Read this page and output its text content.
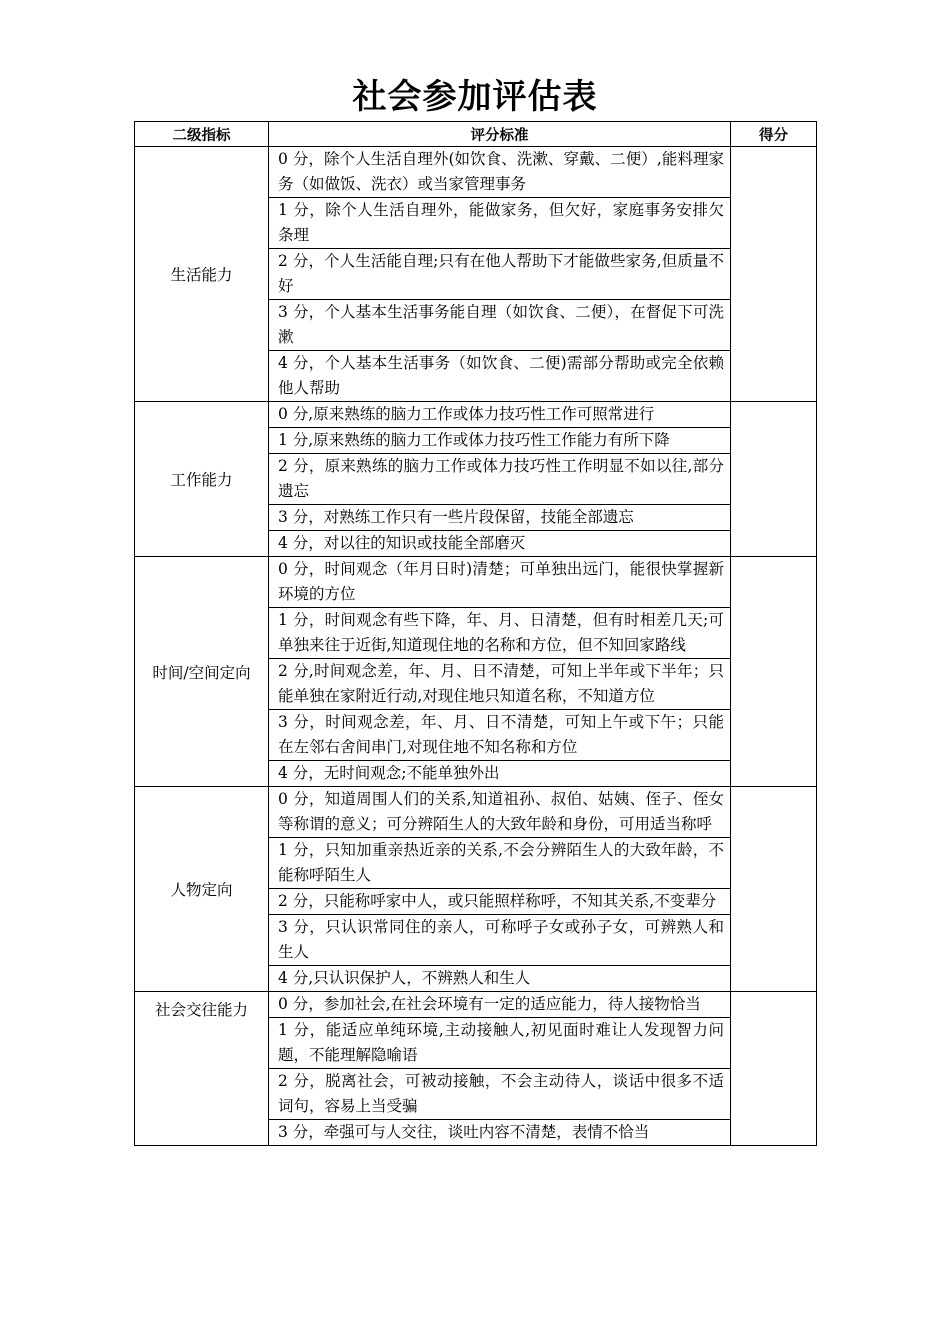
社会参加评估表
二级指标	评分标准	得分
生活能力	0 分，除个人生活自理外(如饮食、洗漱、穿戴、二便）,能料理家务（如做饭、洗衣）或当家管理事务	
	1 分，除个人生活自理外，能做家务，但欠好，家庭事务安排欠条理	
	2 分，个人生活能自理;只有在他人帮助下才能做些家务,但质量不好	
	3 分，个人基本生活事务能自理（如饮食、二便），在督促下可洗漱	
	4 分，个人基本生活事务（如饮食、二便)需部分帮助或完全依赖他人帮助	
工作能力	0 分,原来熟练的脑力工作或体力技巧性工作可照常进行	
	1 分,原来熟练的脑力工作或体力技巧性工作能力有所下降	
	2 分，原来熟练的脑力工作或体力技巧性工作明显不如以往,部分遗忘	
	3 分，对熟练工作只有一些片段保留，技能全部遗忘	
	4 分，对以往的知识或技能全部磨灭	
时间/空间定向	0 分，时间观念（年月日时)清楚；可单独出远门，能很快掌握新环境的方位	
	1 分，时间观念有些下降，年、月、日清楚，但有时相差几天;可单独来往于近街,知道现住地的名称和方位，但不知回家路线	
	2 分,时间观念差，年、月、日不清楚，可知上半年或下半年；只能单独在家附近行动,对现住地只知道名称，不知道方位	
	3 分，时间观念差，年、月、日不清楚，可知上午或下午；只能在左邻右舍间串门,对现住地不知名称和方位	
	4 分，无时间观念;不能单独外出	
人物定向	0 分，知道周围人们的关系,知道祖孙、叔伯、姑姨、侄子、侄女等称谓的意义；可分辨陌生人的大致年龄和身份，可用适当称呼	
	1 分，只知加重亲热近亲的关系,不会分辨陌生人的大致年龄，不能称呼陌生人	
	2 分，只能称呼家中人，或只能照样称呼，不知其关系,不变辈分	
	3 分，只认识常同住的亲人，可称呼子女或孙子女，可辨熟人和生人	
	4 分,只认识保护人，不辨熟人和生人	
社会交往能力	0 分，参加社会,在社会环境有一定的适应能力，待人接物恰当	
	1 分，能适应单纯环境,主动接触人,初见面时难让人发现智力问题，不能理解隐喻语	
	2 分，脱离社会，可被动接触，不会主动待人，谈话中很多不适词句，容易上当受骗	
	3 分，牵强可与人交往，谈吐内容不清楚，表情不恰当	
